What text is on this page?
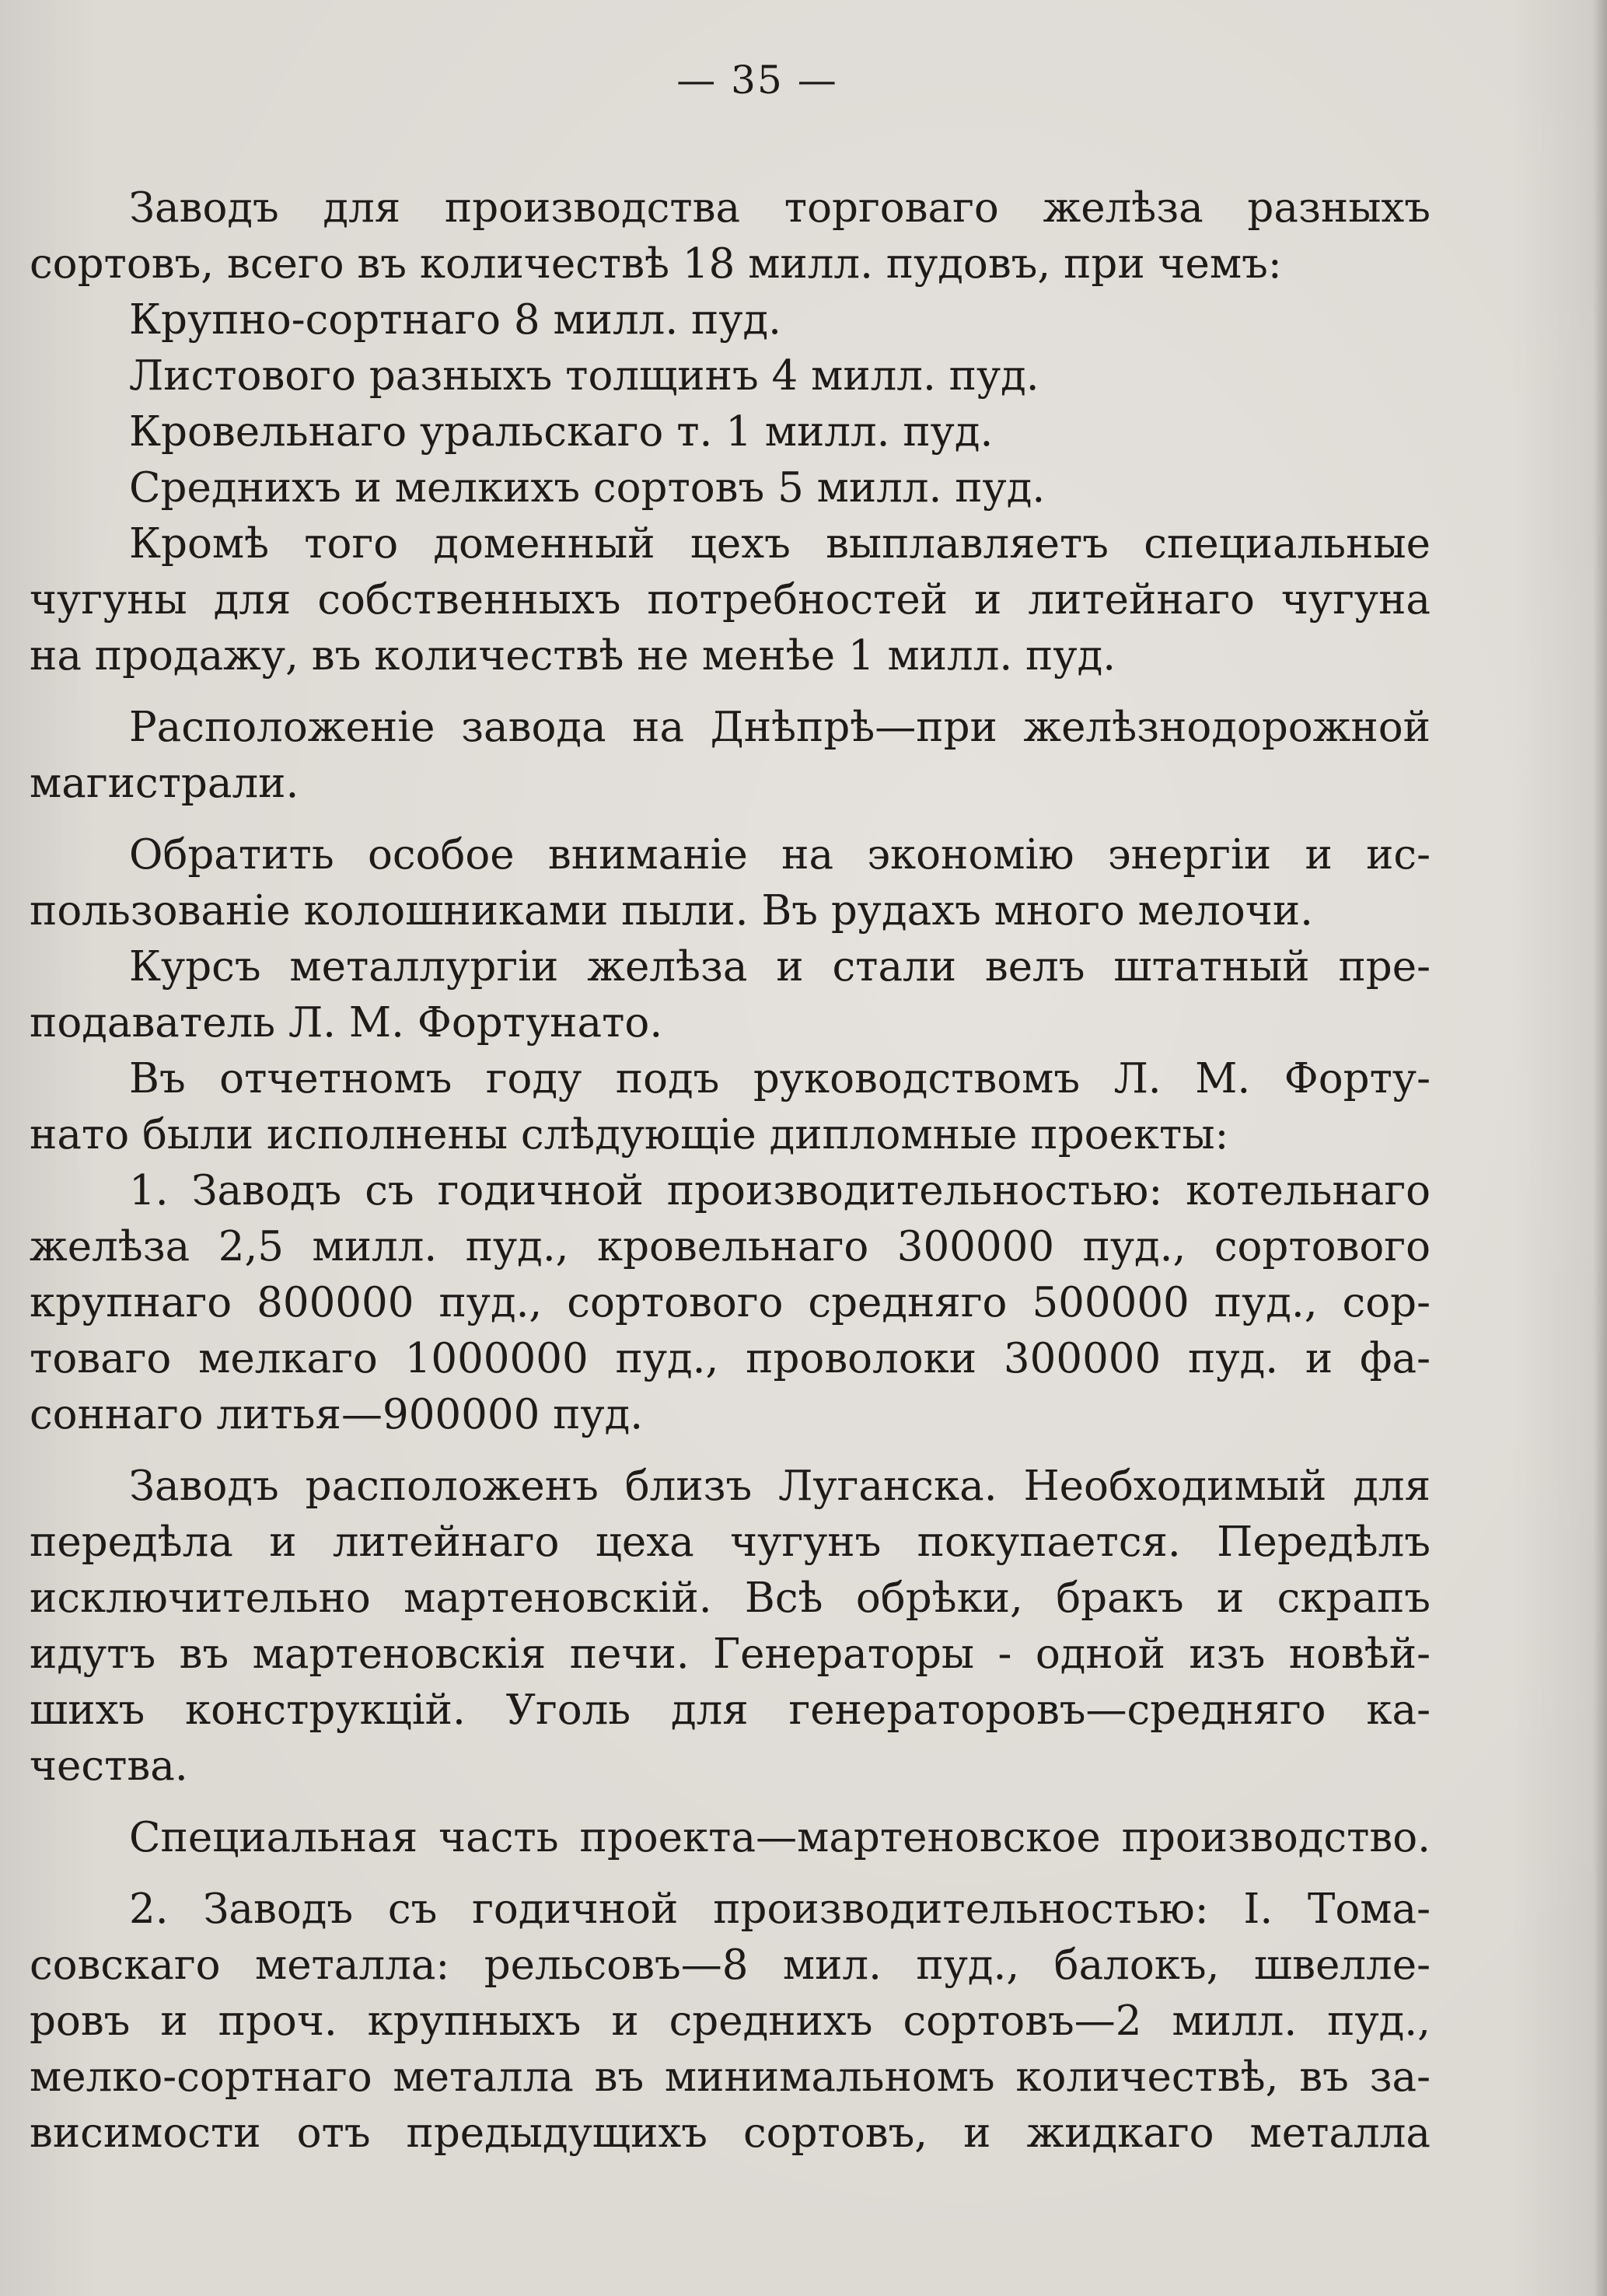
— 35 —
Заводъ для производства торговаго желѣза разныхъ
сортовъ, всего въ количествѣ 18 милл. пудовъ, при чемъ:
Крупно-сортнаго 8 милл. пуд.
Листового разныхъ толщинъ 4 милл. пуд.
Кровельнаго уральскаго т. 1 милл. пуд.
Среднихъ и мелкихъ сортовъ 5 милл. пуд.
Кромѣ того доменный цехъ выплавляетъ специальные
чугуны для собственныхъ потребностей и литейнаго чугуна
на продажу, въ количествѣ не менѣе 1 милл. пуд.
Расположенiе завода на Днѣпрѣ—при желѣзнодорожной
магистрали.
Обратить особое вниманiе на экономiю энергiи и ис-
пользованiе колошниками пыли. Въ рудахъ много мелочи.
Курсъ металлургiи желѣза и стали велъ штатный пре-
подаватель Л. М. Фортунато.
Въ отчетномъ году подъ руководствомъ Л. М. Форту-
нато были исполнены слѣдующiе дипломные проекты:
1. Заводъ съ годичной производительностью: котельнаго
желѣза 2,5 милл. пуд., кровельнаго 300000 пуд., сортового
крупнаго 800000 пуд., сортового средняго 500000 пуд., сор-
товаго мелкаго 1000000 пуд., проволоки 300000 пуд. и фа-
соннаго литья—900000 пуд.
Заводъ расположенъ близъ Луганска. Необходимый для
передѣла и литейнаго цеха чугунъ покупается. Передѣлъ
исключительно мартеновскiй. Всѣ обрѣки, бракъ и скрапъ
идутъ въ мартеновскiя печи. Генераторы - одной изъ новѣй-
шихъ конструкцiй. Уголь для генераторовъ—средняго ка-
чества.
Специальная часть проекта—мартеновское производство.
2. Заводъ съ годичной производительностью: I. Тома-
совскаго металла: рельсовъ—8 мил. пуд., балокъ, швелле-
ровъ и проч. крупныхъ и среднихъ сортовъ—2 милл. пуд.,
мелко-сортнаго металла въ минимальномъ количествѣ, въ за-
висимости отъ предыдущихъ сортовъ, и жидкаго металла
